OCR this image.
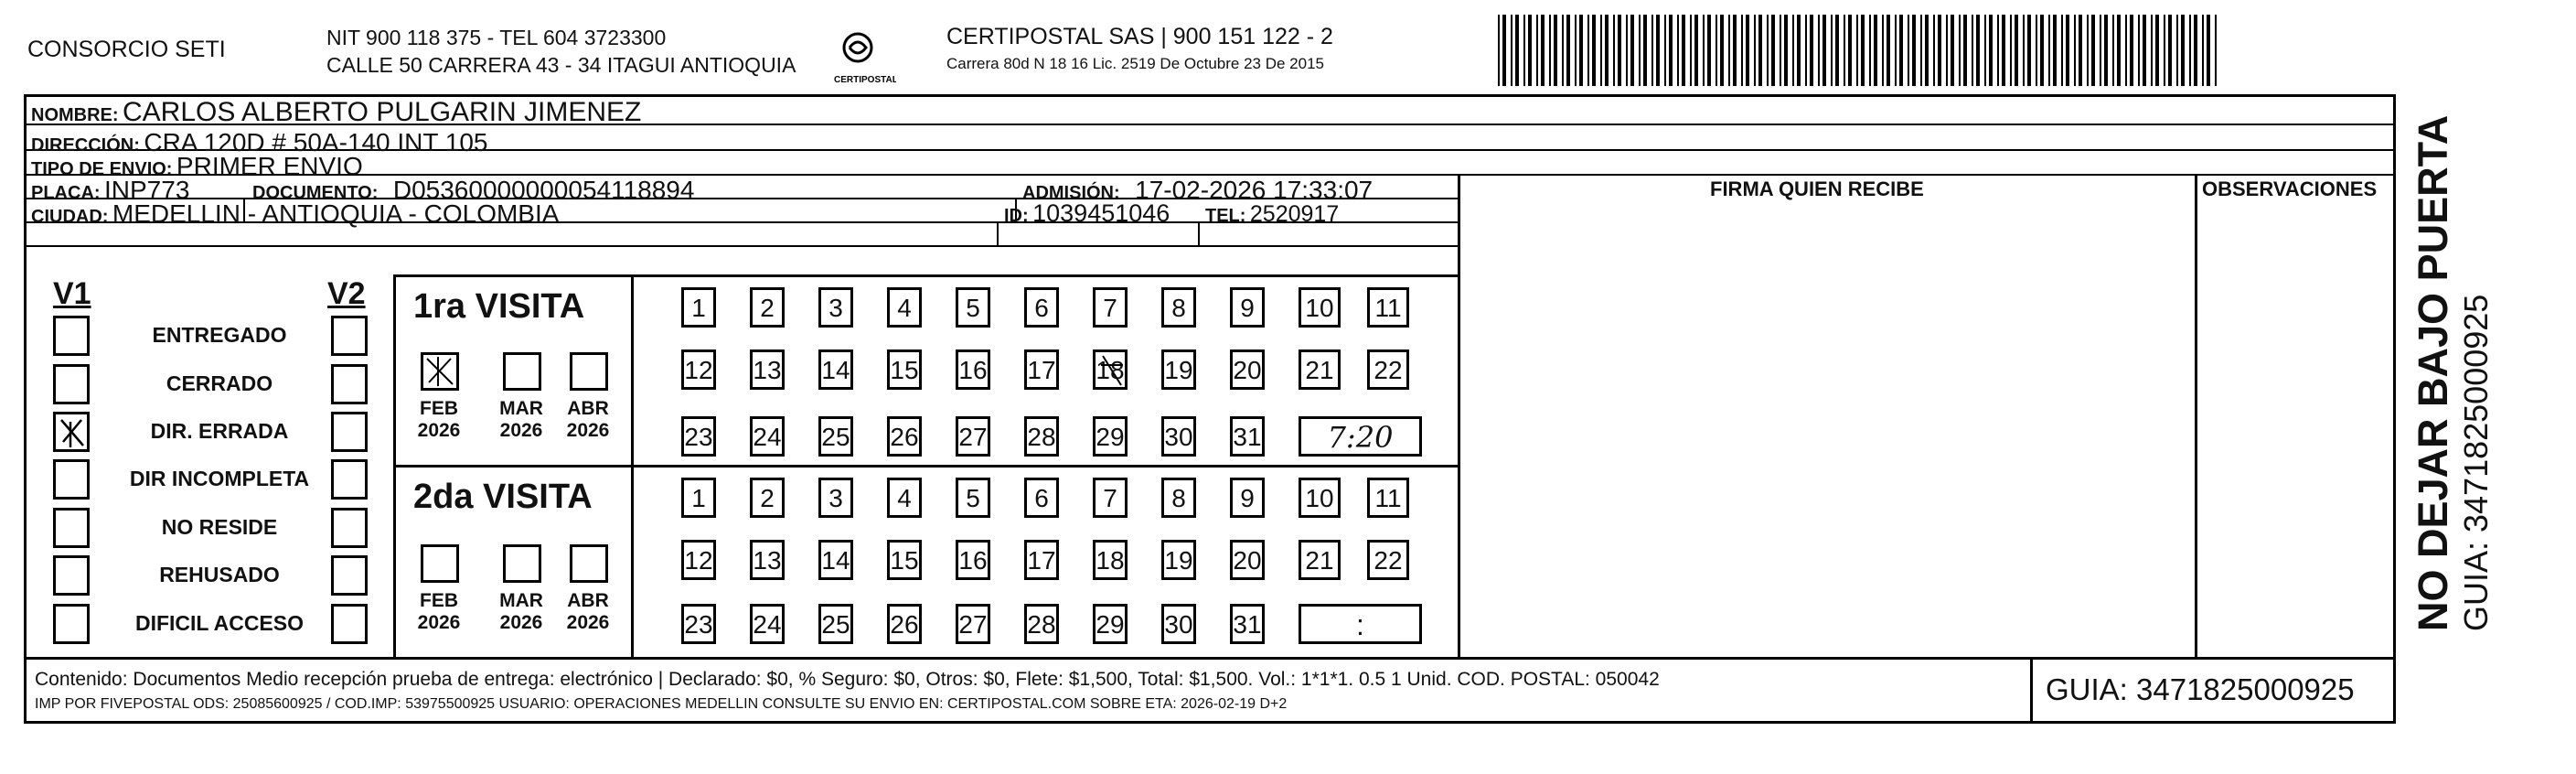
CONSORCIO SETI	NIT 900 118 375 - TEL 604 3723300
CALLE 50 CARRERA 43 - 34 ITAGUI ANTIOQUIA
CERTIPOSTAL
CERTIPOSTAL SAS | 900 151 122 - 2
Carrera 80d N 18 16 Lic. 2519 De Octubre 23 De 2015
NOMBRE: CARLOS ALBERTO PULGARIN JIMENEZ
DIRECCIÓN: CRA 120D # 50A-140 INT 105
TIPO DE ENVIO: PRIMER ENVIO
PLACA: INP773	DOCUMENTO: D05360000000054118894	ADMISIÓN: 17-02-2026 17:33:07
CIUDAD: MEDELLIN - ANTIOQUIA - COLOMBIA	ID: 1039451046 TEL: 2520917
FIRMA QUIEN RECIBE	OBSERVACIONES
V1	V2
ENTREGADO
CERRADO
DIR. ERRADA
DIR INCOMPLETA
NO RESIDE
REHUSADO
DIFICIL ACCESO
1ra VISITA
2da VISITA
1	2	3	4	5	6	7	8	9	10	11
12 13 14 15 16 17 18 19 20 21 22
23 24 25 26 27 28 29 30 31	7:20
FEB
2026
MAR
2026
ABR
2026
1	2	3	4	5	6	7	8	9	10	11
12 13 14 15 16 17 18 19 20 21 22
23 24 25 26 27 28 29 30 31	:
FEB
2026
MAR
2026
ABR
2026
Contenido: Documentos Medio recepción prueba de entrega: electrónico | Declarado: $0, % Seguro: $0, Otros: $0, Flete: $1,500, Total: $1,500. Vol.: 1*1*1. 0.5 1 Unid. COD. POSTAL: 050042
IMP POR FIVEPOSTAL ODS: 25085600925 / COD.IMP: 53975500925 USUARIO: OPERACIONES MEDELLIN CONSULTE SU ENVIO EN: CERTIPOSTAL.COM SOBRE ETA: 2026-02-19 D+2	GUIA: 3471825000925
NO DEJAR BAJO PUERTA GUIA: 3471825000925
